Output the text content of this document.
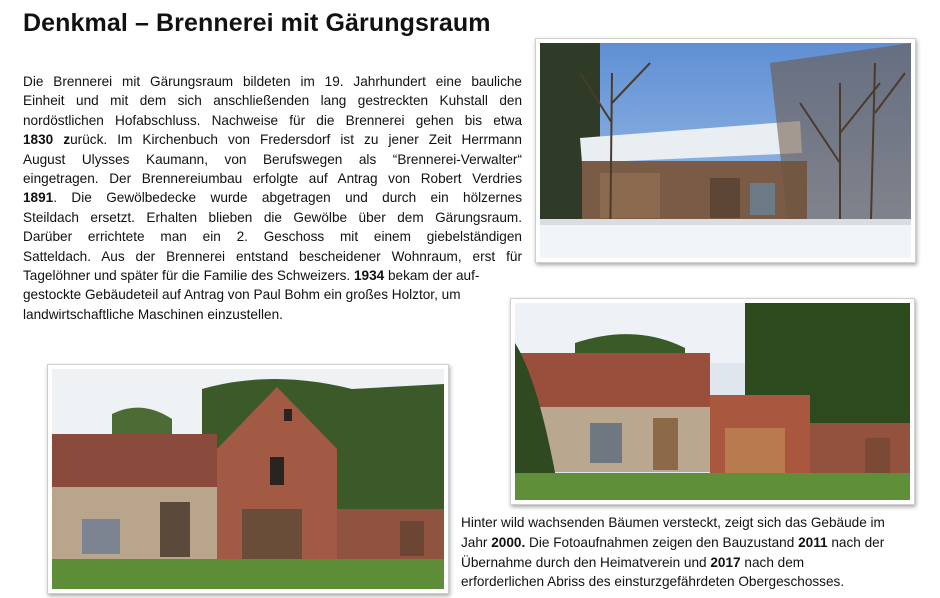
Denkmal – Brennerei mit Gärungsraum
Die Brennerei mit Gärungsraum bildeten im 19. Jahrhundert eine bauliche
Einheit und mit dem sich anschließenden lang gestreckten Kuhstall den
nordöstlichen Hofabschluss. Nachweise für die Brennerei gehen bis etwa
1830 zurück. Im Kirchenbuch von Fredersdorf ist zu jener Zeit Herrmann
August Ulysses Kaumann, von Berufswegen als “Brennerei-Verwalter“
eingetragen. Der Brennereiumbau erfolgte auf Antrag von Robert Verdries
1891. Die Gewölbedecke wurde abgetragen und durch ein hölzernes
Steildach ersetzt. Erhalten blieben die Gewölbe über dem Gärungsraum.
Darüber errichtete man ein 2. Geschoss mit einem giebelständigen
Satteldach. Aus der Brennerei entstand bescheidener Wohnraum, erst für
Tagelöhner und später für die Familie des Schweizers. 1934 bekam der auf-
gestockte Gebäudeteil auf Antrag von Paul Bohm ein großes Holztor, um
landwirtschaftliche Maschinen einzustellen.
Hinter wild wachsenden Bäumen versteckt, zeigt sich das Gebäude im
Jahr 2000. Die Fotoaufnahmen zeigen den Bauzustand 2011 nach der
Übernahme durch den Heimatverein und 2017 nach dem
erforderlichen Abriss des einsturzgefährdeten Obergeschosses.
